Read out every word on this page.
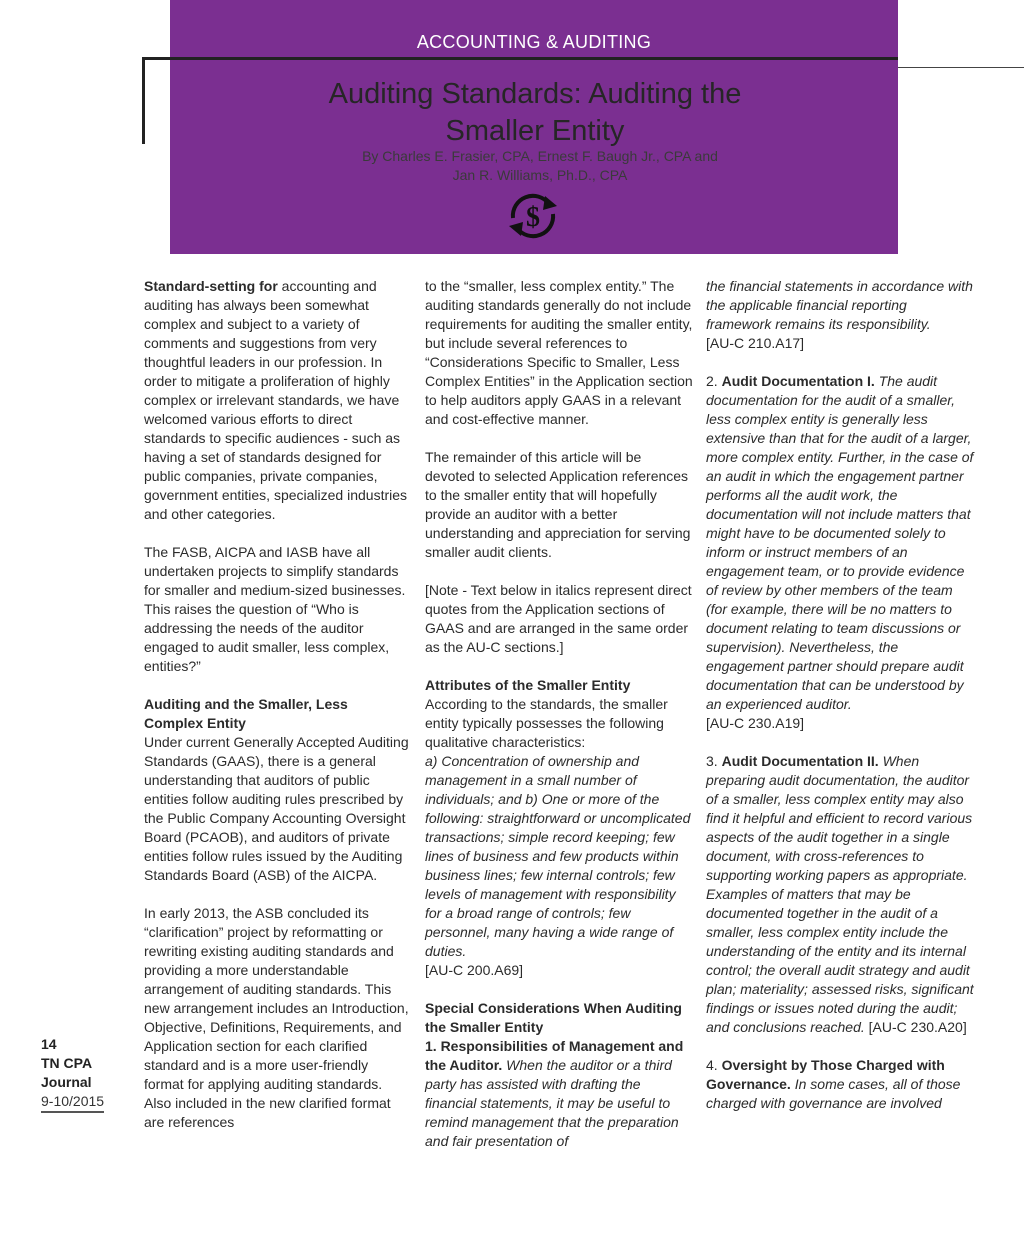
ACCOUNTING & AUDITING
Auditing Standards: Auditing the
Smaller Entity
By Charles E. Frasier, CPA, Ernest F. Baugh Jr., CPA and
Jan R. Williams, Ph.D., CPA
$

Standard-setting for accounting and auditing has always been somewhat complex and subject to a variety of comments and suggestions from very thoughtful leaders in our profession. In order to mitigate a proliferation of highly complex or irrelevant standards, we have welcomed various efforts to direct standards to specific audiences - such as having a set of standards designed for public companies, private companies, government entities, specialized industries and other categories.

The FASB, AICPA and IASB have all undertaken projects to simplify standards for smaller and medium-sized businesses. This raises the question of “Who is addressing the needs of the auditor engaged to audit smaller, less complex, entities?”

Auditing and the Smaller, Less Complex Entity

Under current Generally Accepted Auditing Standards (GAAS), there is a general understanding that auditors of public entities follow auditing rules prescribed by the Public Company Accounting Oversight Board (PCAOB), and auditors of private entities follow rules issued by the Auditing Standards Board (ASB) of the AICPA.

In early 2013, the ASB concluded its “clarification” project by reformatting or rewriting existing auditing standards and providing a more understandable arrangement of auditing standards. This new arrangement includes an Introduction, Objective, Definitions, Requirements, and Application section for each clarified standard and is a more user-friendly format for applying auditing standards. Also included in the new clarified format are references

to the “smaller, less complex entity.” The auditing standards generally do not include requirements for auditing the smaller entity, but include several references to “Considerations Specific to Smaller, Less Complex Entities” in the Application section to help auditors apply GAAS in a relevant and cost-effective manner.

The remainder of this article will be devoted to selected Application references to the smaller entity that will hopefully provide an auditor with a better understanding and appreciation for serving smaller audit clients.

[Note - Text below in italics represent direct quotes from the Application sections of GAAS and are arranged in the same order as the AU-C sections.]

Attributes of the Smaller Entity

According to the standards, the smaller entity typically possesses the following qualitative characteristics:

a) Concentration of ownership and management in a small number of individuals; and b) One or more of the following: straightforward or uncomplicated transactions; simple record keeping; few lines of business and few products within business lines; few internal controls; few levels of management with responsibility for a broad range of controls; few personnel, many having a wide range of duties.

[AU-C 200.A69]

Special Considerations When Auditing the Smaller Entity

1. Responsibilities of Management and the Auditor. When the auditor or a third party has assisted with drafting the financial statements, it may be useful to remind management that the preparation and fair presentation of

the financial statements in accordance with the applicable financial reporting framework remains its responsibility.
[AU-C 210.A17]

2. Audit Documentation I. The audit documentation for the audit of a smaller, less complex entity is generally less extensive than that for the audit of a larger, more complex entity. Further, in the case of an audit in which the engagement partner performs all the audit work, the documentation will not include matters that might have to be documented solely to inform or instruct members of an engagement team, or to provide evidence of review by other members of the team (for example, there will be no matters to document relating to team discussions or supervision). Nevertheless, the engagement partner should prepare audit documentation that can be understood by an experienced auditor.
[AU-C 230.A19]

3. Audit Documentation II. When preparing audit documentation, the auditor of a smaller, less complex entity may also find it helpful and efficient to record various aspects of the audit together in a single document, with cross-references to supporting working papers as appropriate. Examples of matters that may be documented together in the audit of a smaller, less complex entity include the understanding of the entity and its internal control; the overall audit strategy and audit plan; materiality; assessed risks, significant findings or issues noted during the audit; and conclusions reached. [AU-C 230.A20]

4. Oversight by Those Charged with Governance. In some cases, all of those charged with governance are involved

14
TN CPA
Journal
9-10/2015
